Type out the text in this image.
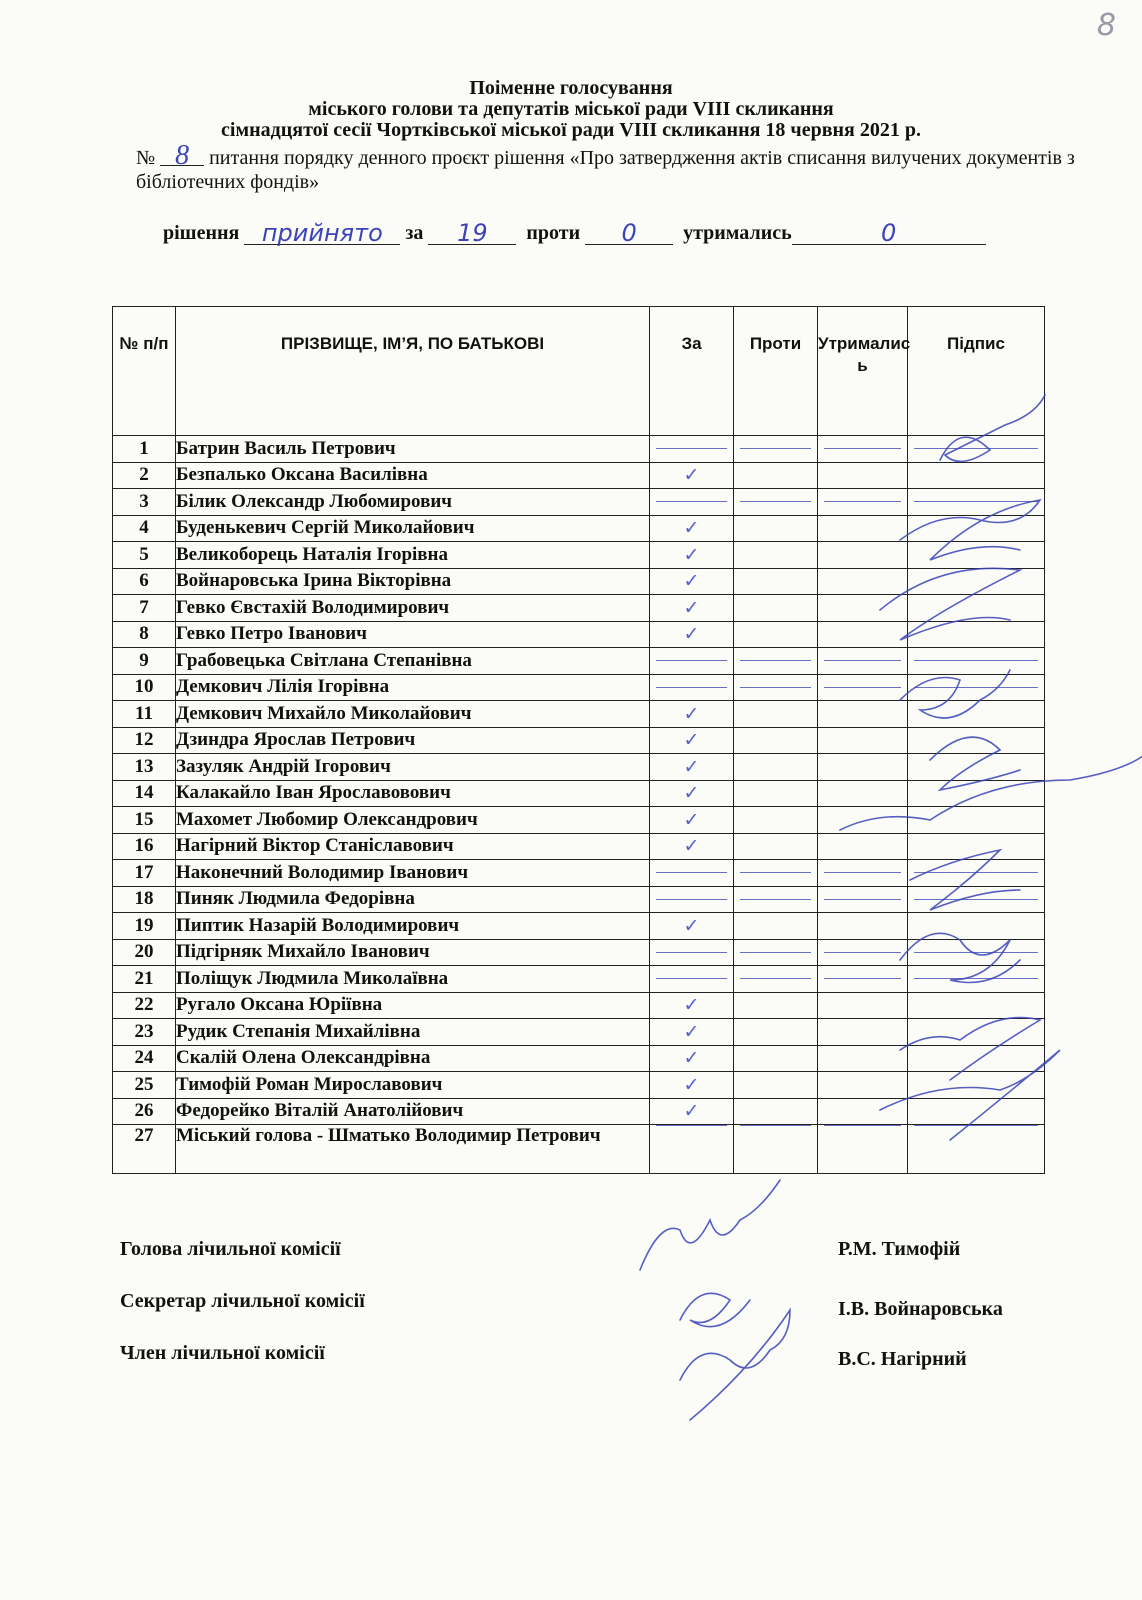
8
Поіменне голосування
міського голови та депутатів міської ради VIII скликання
сімнадцятої сесії Чортківської міської ради VIII скликання 18 червня 2021 р.
№ 8 питання порядку денного проєкт рішення «Про затвердження актів списання вилучених документів з бібліотечних фондів»
рішення прийнято за 19 проти 0 утримались	0
№ п/п	ПРІЗВИЩЕ, ІМ’Я, ПО БАТЬКОВІ	За	Проти	Утрималис ь	Підпис
1	Батрин Василь Петрович	

2	Безпалько Оксана Василівна	✓			
3	Білик Олександр Любомирович	

4	Буденькевич Сергій Миколайович	✓			
5	Великоборець Наталія Ігорівна	✓			
6	Войнаровська Ірина Вікторівна	✓			
7	Гевко Євстахій Володимирович	✓			
8	Гевко Петро Іванович	✓			
9	Грабовецька Світлана Степанівна	

10	Демкович Лілія Ігорівна	

11	Демкович Михайло Миколайович	✓			
12	Дзиндра Ярослав Петрович	✓			
13	Зазуляк Андрій Ігорович	✓			
14	Калакайло Іван Ярославовович	✓			
15	Махомет Любомир Олександрович	✓			
16	Нагірний Віктор Станіславович	✓			
17	Наконечний Володимир Іванович	

18	Пиняк Людмила Федорівна	

19	Пиптик Назарій Володимирович	✓			
20	Підгірняк Михайло Іванович	

21	Поліщук Людмила Миколаївна	

22	Ругало Оксана Юріївна	✓			
23	Рудик Степанія Михайлівна	✓			
24	Скалій Олена Олександрівна	✓			
25	Тимофій Роман Мирославович	✓			
26	Федорейко Віталій Анатолійович	✓			
27	Міський голова - Шматько Володимир Петрович	

Голова лічильної комісії	Р.М. Тимофій
Секретар лічильної комісії	І.В. Войнаровська
Член лічильної комісії	В.С. Нагірний
